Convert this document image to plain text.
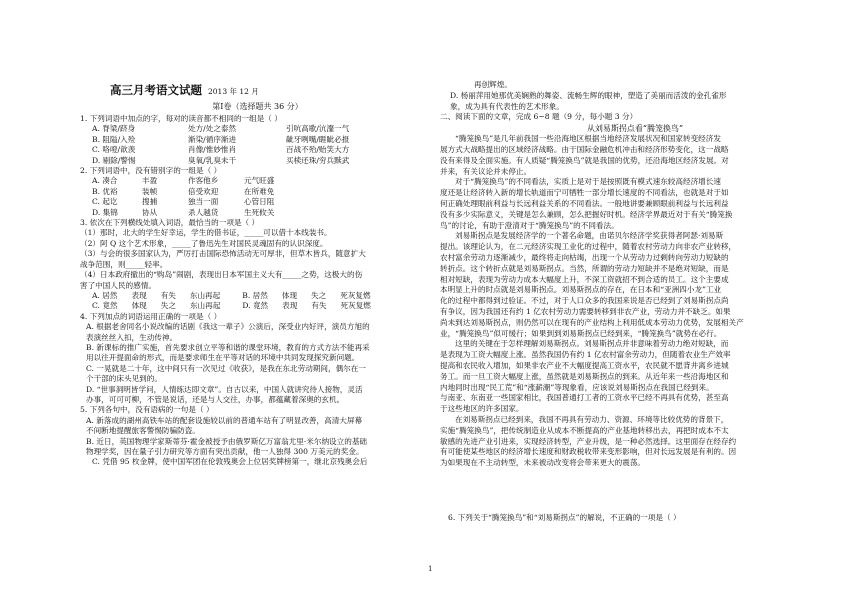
高三月考语文试题 2013 年 12 月
第Ⅰ卷（选择题共 36 分）
1. 下列词语中加点的字，每对的读音都不相同的一组是（ ）
A. 脊梁/跻身	处方/处之泰然	引吭高歌/沆瀣一气
B. 阻隘/入殓	渐染/循序渐进	龇牙咧嘴/睚眦必报
C. 咯噔/歆羡	肖像/惟妙惟肖	百战不殆/贻笑大方
D. 剔除/警惕	臭氧/乳臭未干	买椟还珠/穷兵黩武
2. 下列词语中，没有错别字的一组是（ ）
A. 凑合	丰盈	作客他乡	元气旺盛
B. 优裕	装帧	倍受欢迎	在所难免
C. 起讫	搜捕	独当一面	心管日阻
D. 集锦	协从	杀人越货	生死攸关
3. 依次在下列横线处填入词语，最恰当的一项是（ ）
（1）那时，北大的学生好幸运，学生的借书证，_____可以借十本线装书。
（2）阿 Q 这个艺术形象，_____了鲁迅先生对国民灵魂固有的认识深度。
（3）与会的很多国家认为，严厉打击国际恐怖活动无可厚非，但草木皆兵，随意扩大
战争范围，则_____轻率。
（4）日本政府撤出的“购岛”闹剧，表现出日本军国主义大有_____之势，这极大的伤
害了中国人民的感情。
A. 居然 表现 有失 东山再起	B. 居然 体现 失之 死灰复燃
C. 竟然 体现 失之 东山再起	D. 竟然 表现 有失 死灰复燃
4. 下列加点的词语运用正确的一项是（ ）
A. 根据老舍同名小说改编的话剧《我这一辈子》公演后，深受业内好评，演员方旭的
表演丝丝入扣，生动传神。
B. 新课标的推广实施，首先要求创立平等和谐的课堂环境，教育的方式方法不能再采
用以往开提面命的形式，而是要求师生在平等对话的环境中共同发现探究新问题。
C. 一晃就是二十年，这中间只有一次见过《收获》，是我在东北劳动期间，偶尔在一
个干部的床头见到的。
D. “世事洞明皆学问，人情练达即文章”。自古以来，中国人就讲究待人接物，灵活
办事，可可可柳，不管是说话，还是与人交往，办事，都蕴藏着深奥的玄机。
5. 下列各句中，没有语病的一句是（ ）
A. 新落成的湖州高铁车站的配套设施较以前的普通车站有了明显改善，高清大屏幕
不间断地提醒旅客警惕防骗防盗。
B. 近日，英国物理学家斯蒂芬·霍金被授予由俄罗斯亿万富翁尤里·米尔纳设立的基础
物理学奖，因在量子引力研究等方面有突出贡献，他一人独得 300 万美元的奖金。
C. 凭借 95 枚金牌，使中国军团在伦敦残奥会上位居奖牌榜第一，继北京残奥会后
再创辉煌。
D. 杨丽萍用她那优美娴熟的舞姿、流畅生辉的眼神，塑造了美丽而活泼的金孔雀形
象，成为具有代表性的艺术形象。
二、阅读下面的文章，完成 6~8 题（9 分，每小题 3 分）
从刘易斯拐点看“腾笼换鸟”
“腾笼换鸟”是几年前我国一些沿海地区根据当地经济发展状况和国家转变经济发
展方式大战略提出的区域经济战略。由于国际金融危机冲击和经济形势变化，这一战略
没有来得及全面实施。有人质疑“腾笼换鸟”就是我国的优势，还沿海地区经济发展。对
并来，有关议论并未停止。
对于“腾笼换鸟”的不同看法，实质上是对于是按照既有模式速东较高经济增长速
度还是让经济转入新的增长轨道而宁可牺牲一部分增长速度的不同看法，也就是对于如
何正确处理眼前利益与长远利益关系的不同看法。一般地讲要兼顾眼前利益与长远利益
没有多少实际意义，关键是怎么兼顾，怎么把握好时机。经济学界最近对于有关“腾笼换
鸟”的讨论，有助于澄清对于“腾笼换鸟”的不同看法。
刘易斯拐点是发展经济学的一个著名命题，由诺贝尔经济学奖获得者阿瑟·刘易斯
提出。该理论认为，在二元经济实现工业化的过程中，随着农村劳动力向非农产业转移，
农村富余劳动力逐渐减少，最终将走向枯竭，出现一个从劳动力过剩转向劳动力短缺的
转折点。这个转折点就是刘易斯拐点。当然，所谓的劳动力短缺并不是绝对短缺，而是
相对短缺，表现为劳动力成本大幅度上升，不深工资就招不到合适的员工。这个主要成
本明显上升的时点就是刘易斯拐点。刘易斯拐点的存在，在日本和“亚洲四小龙”工业
化的过程中都得到过验证。不过，对于人口众多的我国来说是否已经到了刘易斯拐点尚
有争议，因为我国还有约 1 亿农村劳动力需要转移到非农产业，劳动力并不缺乏。如果
尚未到达刘易斯拐点，则仍然可以在现有的产业结构上利用低成本劳动力优势，发展相关产
业，“腾笼换鸟”似可缓行；如果到到刘易斯拐点已经到来，“腾笼换鸟”就势在必行。
这里的关键在于怎样理解刘易斯拐点。刘易斯拐点并非意味着劳动力绝对短缺，而
是表现为工资大幅度上涨。虽然我国仍有约 1 亿农村富余劳动力，但随着农业生产效率
提高和农民收入增加，如果非农产业不大幅度提高工资水平，农民就不愿背井离乡进城
务工。而一旦工资大幅度上涨，虽然就是刘易斯拐点的到来。从近年来一些沿海地区和
内地同时出现“民工荒”和“涨薪潮”等现象看，应该说刘易斯拐点在我国已经到来。
与南亚、东南亚一些国家相比，我国普通打工者的工资水平已经不再具有优势，甚至高
于这些地区的许多国家。
在刘易斯拐点已经到来，我国不再具有劳动力、资源、环境等比较优势的背景下，
实施“腾笼换鸟”，把传统制造业从成本不断提高的产业基地转移出去，再把时成本不太
敏感的先进产业引进来，实现经济转型，产业升级，是一种必然选择。这里面存在经存约
有可能使某些地区的经济增长速度和财政税收带来变形影响，但对长远发展是有利的。因
为如果现在不主动转型，未来被动改变将会带来更大的震荡。
6. 下列关于“腾笼换鸟”和“刘易斯拐点”的解说，不正确的一项是（ ）
1
